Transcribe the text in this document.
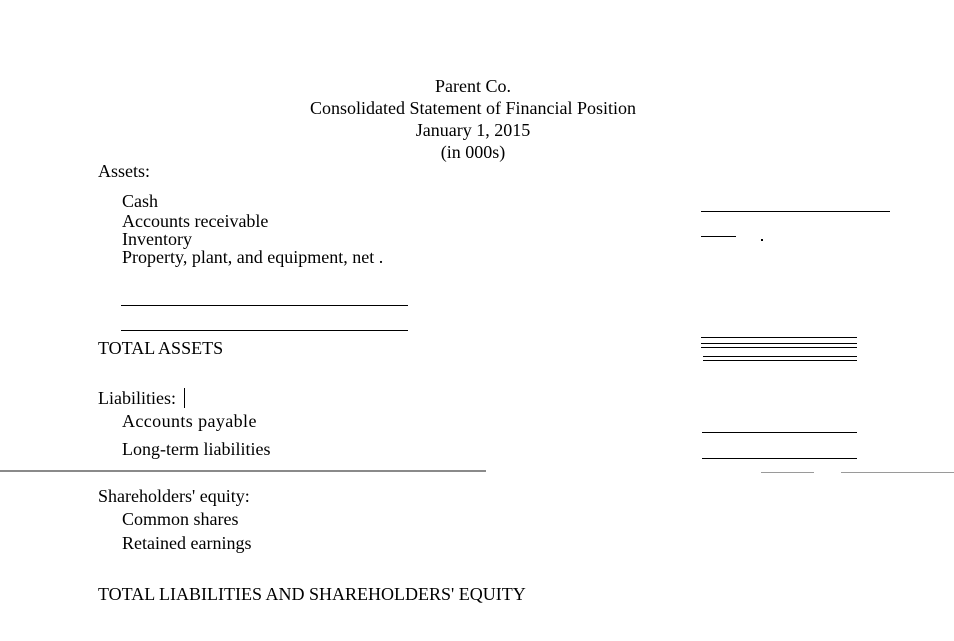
Parent Co.
Consolidated Statement of Financial Position
January 1, 2015
(in 000s)
Assets:
Cash
Accounts receivable
Inventory
Property, plant, and equipment, net .
TOTAL ASSETS
Liabilities:
Accounts payable
Long-term liabilities
Shareholders' equity:
Common shares
Retained earnings
TOTAL LIABILITIES AND SHAREHOLDERS' EQUITY
